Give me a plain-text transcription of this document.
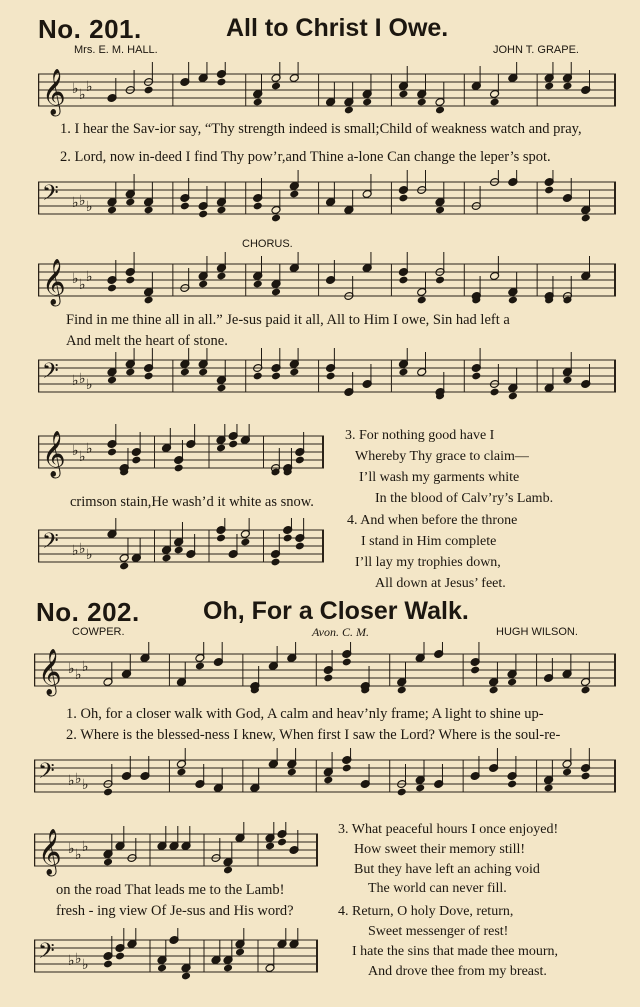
No. 201.	All to Christ I Owe.
Mrs. E. M. HALL.	JOHN T. GRAPE.
𝄞 ♭ ♭ ♭
1. I hear the Sav-ior say, “Thy strength indeed is small;Child of weakness watch and pray,
2. Lord, now in-deed I find Thy pow’r,and Thine a-lone Can change the leper’s spot.
𝄢 ♭ ♭ ♭
CHORUS.
𝄞 ♭ ♭ ♭
Find in me thine all in all.” Je-sus paid it all, All to Him I owe, Sin had left a
And melt the heart of stone.
𝄢 ♭ ♭ ♭
𝄞 ♭ ♭ ♭
crimson stain,He wash’d it white as snow.
𝄢 ♭ ♭ ♭
3. For nothing good have I
Whereby Thy grace to claim—
I’ll wash my garments white
In the blood of Calv’ry’s Lamb.
4. And when before the throne
I stand in Him complete
I’ll lay my trophies down,
All down at Jesus’ feet.
No. 202.	Oh, For a Closer Walk.
COWPER.	Avon. C. M.	HUGH WILSON.
𝄞 ♭ ♭ ♭
1. Oh, for a closer walk with God, A calm and heav’nly frame; A light to shine up-
2. Where is the blessed-ness I knew, When first I saw the Lord? Where is the soul-re-
𝄢 ♭ ♭ ♭
𝄞 ♭ ♭ ♭
on the road That leads me to the Lamb!
fresh - ing view Of Je-sus and His word?
𝄢 ♭ ♭ ♭
3. What peaceful hours I once enjoyed!
How sweet their memory still!
But they have left an aching void
The world can never fill.
4. Return, O holy Dove, return,
Sweet messenger of rest!
I hate the sins that made thee mourn,
And drove thee from my breast.
